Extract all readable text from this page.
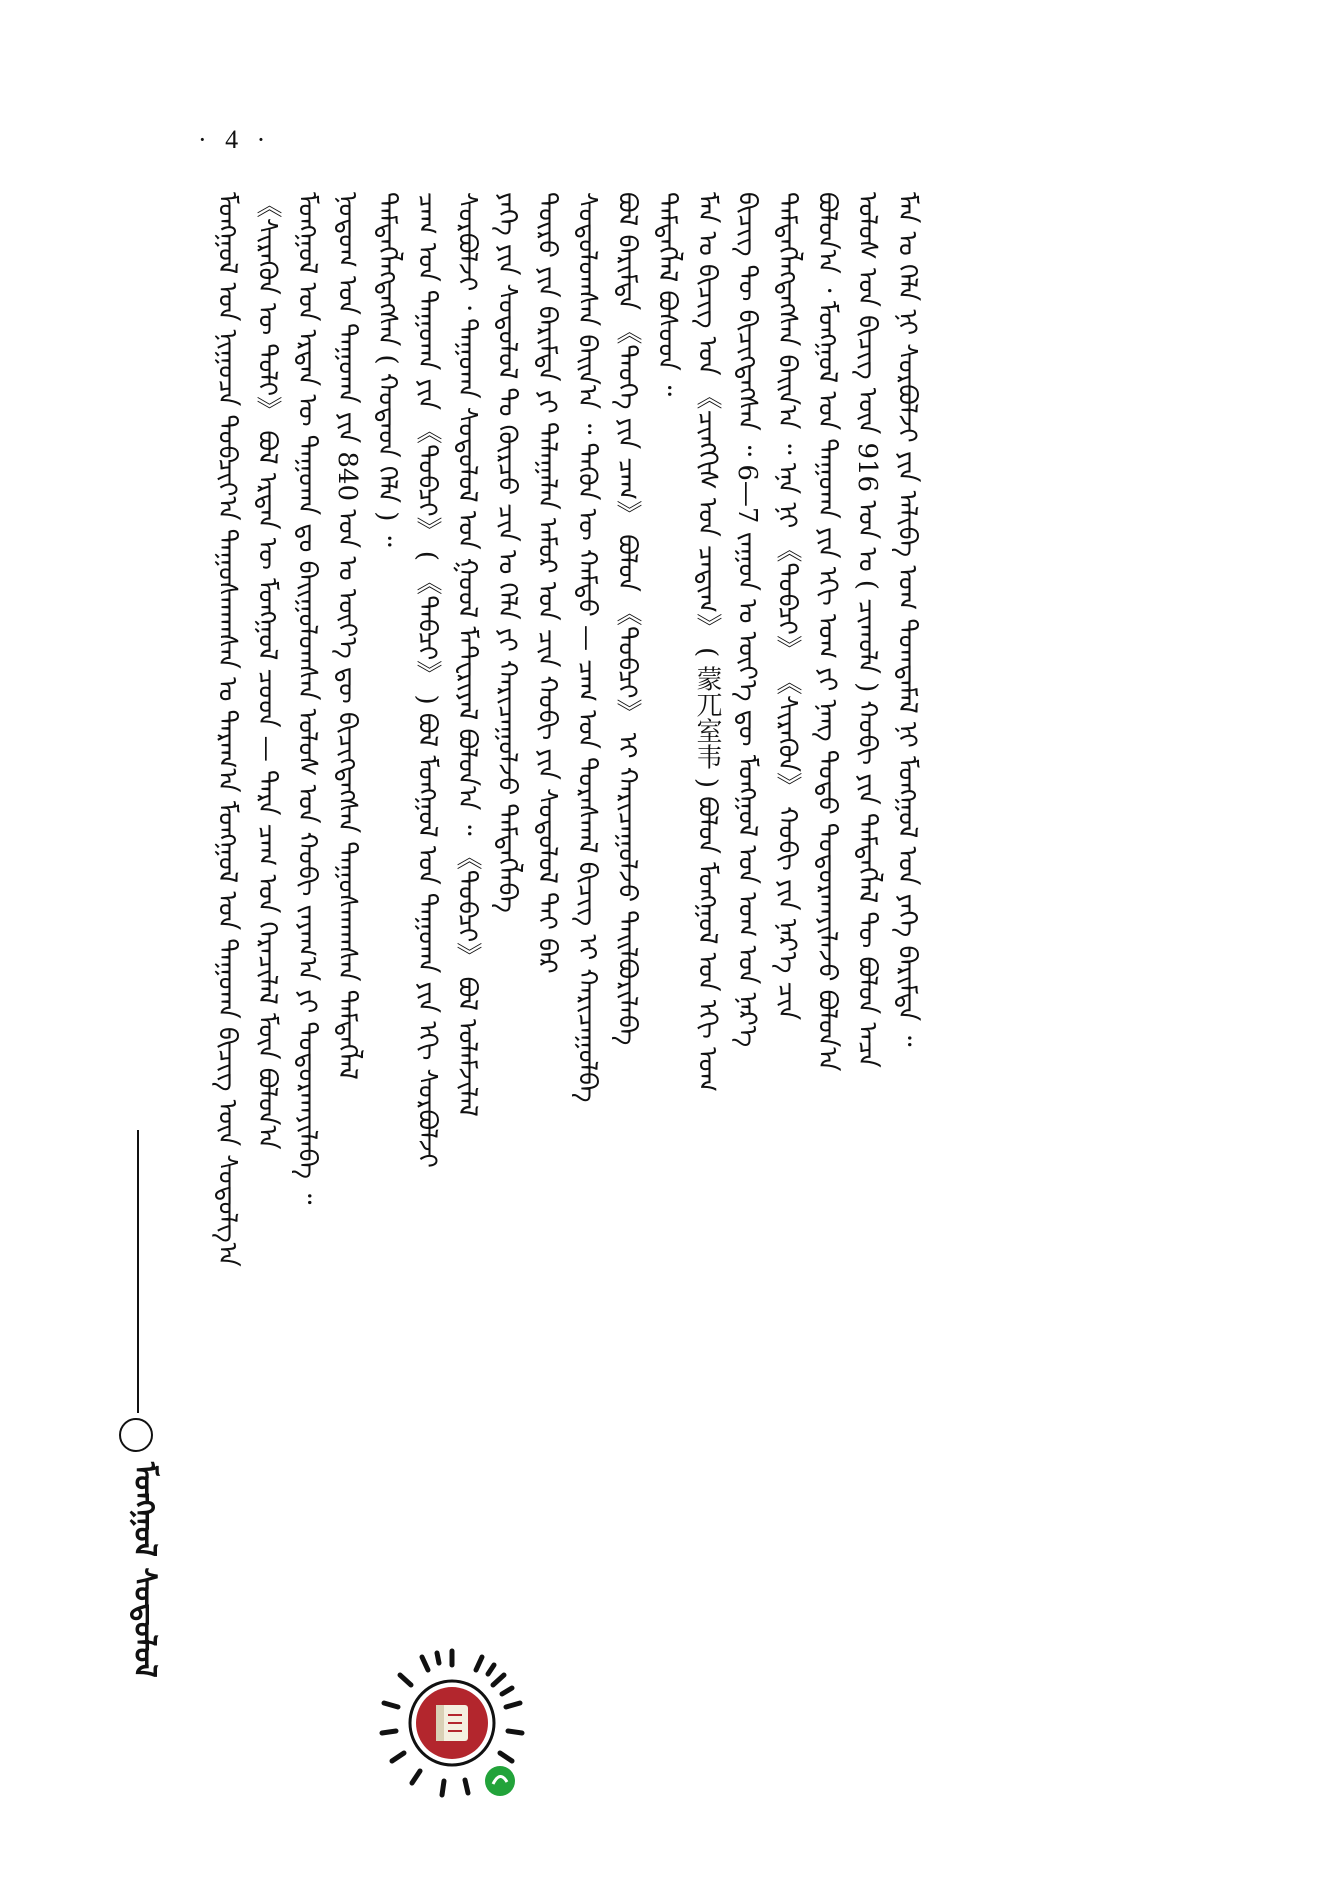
· 4 ·
ᠮᠣᠩᠭᠣᠯ ᠤᠨ ᠨᠢᠭᠤᠴᠠ ᠲᠣᠪᠴᠢᠶ᠎ᠠ ᠳᠠᠭᠤᠰᠬᠠᠭᠰᠠᠨ ᠤ ᠳᠠᠷᠠᠭ᠎ᠠ ᠮᠣᠩᠭᠣᠯ ᠤᠨ ᠲᠠᠭᠤᠬᠠ ᠪᠢᠴᠢᠭ ᠦᠨ ᠰᠤᠳᠤᠯᠭ᠎ᠠ 《ᠰᠢᠷᠡᠭᠦᠨ ᠦ ᠲᠤᠯᠢ》 ᠪᠣᠯ ᠡᠷᠲᠡᠨ ᠦ ᠮᠣᠩᠭᠣᠯ ᠴᠤᠳ — ᠲᠡᠷᠡ ᠴᠠᠭ ᠤᠨ ᠭᠡᠷᠡᠴᠢᠯᠡᠯ ᠮᠥᠨ ᠪᠣᠯᠤᠨ᠎ᠠ ᠮᠣᠩᠭᠣᠯ ᠤᠨ ᠡᠷᠲᠡᠨ ᠦ ᠲᠠᠭᠤᠬᠠ ᠳᠤ ᠪᠠᠢᠭᠤᠯᠤᠭᠰᠠᠨ ᠤᠯᠤᠰ ᠤᠨ ᠬᠤᠪᠢ ᠵᠠᠶᠠᠭ᠎ᠠ ᠶᠢ ᠲᠣᠳᠣᠷᠬᠠᠶᠢᠯᠠᠪᠠ ᠃ ᠨᠤᠲᠤᠭ ᠤᠨ ᠲᠠᠭᠤᠬᠠ ᠶᠢᠨ 840 ᠣᠨ ᠤ ᠦᠶ᠎ᠡ ᠳᠦ ᠪᠢᠴᠢᠭᠳᠡᠭᠰᠡᠨ ᠳᠠᠭᠤᠰᠬᠠᠭᠰᠠᠨ ᠲᠡᠮᠳᠡᠭᠯᠡᠯ ᠲᠡᠮᠳᠡᠭᠯᠡᠭᠳᠡᠭᠰᠡᠨ ( ᠬᠤᠳᠠᠳ ᠬᠡᠯᠡ ) ᠃ ᠴᠠᠭ ᠤᠨ ᠲᠠᠭᠤᠬᠠ ᠶᠢᠨ 《ᠲᠣᠪᠴᠢ》 ( 《ᠲᠠᠪᠴᠢ》 ) ᠪᠣᠯ ᠮᠣᠩᠭᠣᠯ ᠤᠨ ᠲᠠᠭᠤᠬᠠ ᠶᠢᠨ ᠡᠬᠢ ᠰᠤᠷᠪᠤᠯᠵᠢ ᠰᠤᠷᠪᠤᠯᠵᠢ ᠂ ᠲᠠᠭᠤᠬᠠ ᠰᠤᠳᠤᠯᠤᠯ ᠤᠨ ᠭᠣᠣᠯ ᠮᠠᠲ᠋ᠧᠷᠢᠶᠠᠯ ᠪᠣᠯᠤᠨ᠎ᠠ ᠃ 《ᠲᠣᠪᠴᠢ》 ᠪᠣᠯ ᠤᠯᠠᠮᠵᠢᠯᠠᠯ ᠶᠡᠬᠡ ᠶᠢᠨ ᠰᠤᠳᠤᠯᠤᠯ ᠲᠤ ᠬᠦᠷᠴᠦ ᠴᠢᠨ ᠤ ᠬᠡᠯᠡ ᠶᠢ ᠬᠠᠷᠢᠴᠠᠭᠤᠯᠵᠤ ᠲᠡᠮᠳᠡᠭᠯᠡᠪᠡ ᠲᠦᠷᠦ ᠶᠢᠨ ᠪᠠᠷᠢᠮᠲᠠ ᠶᠢ ᠲᠠᠯᠠᠭᠠᠯᠠᠨ ᠠᠮᠤᠷ ᠤᠨ ᠴᠢᠨ ᠬᠤᠪᠢ ᠶᠢᠨ ᠰᠤᠳᠤᠯᠤᠯ ᠲᠠᠢ ᠪᠡᠷ ᠰᠤᠳᠤᠯᠤᠭᠰᠠᠨ ᠪᠠᠢᠨ᠎ᠠ ᠃ ᠲᠡᠭᠦᠨ ᠦ ᠬᠠᠮᠲᠤ — ᠴᠠᠭ ᠤᠨ ᠳᠤᠷᠠᠰᠬᠠᠯ ᠪᠢᠴᠢᠭ ᠢ ᠬᠠᠷᠢᠴᠠᠭᠤᠯᠪᠠ ᠪᠣᠯ ᠪᠠᠷᠢᠮᠲᠠ 《ᠲᠡᠦᠬᠡ ᠶᠢᠨ ᠴᠠᠭ》 ᠪᠣᠯᠤᠨ 《ᠲᠣᠪᠴᠢ》 ᠢ ᠬᠠᠷᠢᠴᠠᠭᠤᠯᠵᠤ ᠲᠠᠢᠯᠪᠤᠷᠢᠯᠠᠪᠠ ᠲᠡᠮᠳᠡᠭᠯᠡᠯ ᠪᠤᠰᠤᠳ ᠃ ᠮᠠᠨ ᠤ ᠪᠢᠴᠢᠭ ᠤᠨ 《ᠴᠢᠩᠭᠢᠰ ᠤᠨ ᠴᠠᠳᠢᠭ》 ( 蒙兀室韦 ) ᠪᠣᠯᠤᠨ ᠮᠣᠩᠭᠣᠯ ᠤᠨ ᠡᠬᠢ ᠤᠭ ᠪᠢᠴᠢᠭ ᠲᠦ ᠪᠢᠴᠢᠭᠳᠡᠭᠰᠡᠨ ᠃ 6—7 ᠵᠠᠭᠤᠨ ᠤ ᠦᠶ᠎ᠡ ᠳᠦ ᠮᠣᠩᠭᠣᠯ ᠤᠨ ᠤᠭ ᠤᠨ ᠨᠡᠷ᠎ᠡ ᠲᠡᠮᠳᠡᠭᠯᠡᠭᠳᠡᠭᠰᠡᠨ ᠪᠠᠢᠨ᠎ᠠ ᠃ ᠡᠨᠡ ᠨᠢ 《ᠲᠣᠪᠴᠢ》 《ᠰᠢᠷᠡᠭᠦᠨ》 ᠬᠤᠪᠢ ᠶᠢᠨ ᠨᠡᠷ᠎ᠡ ᠴᠢᠨ ᠪᠣᠯᠤᠨ᠎ᠠ ᠂ ᠮᠣᠩᠭᠣᠯ ᠤᠨ ᠲᠠᠭᠤᠬᠠ ᠶᠢᠨ ᠡᠬᠢ ᠤᠭ ᠶᠢ ᠨᠡᠩ ᠲᠣᠳᠣ ᠲᠣᠳᠣᠷᠬᠠᠶᠢᠯᠠᠵᠤ ᠪᠣᠯᠤᠨ᠎ᠠ ᠤᠯᠤᠰ ᠤᠨ ᠪᠢᠴᠢᠭ ᠦᠨ 916 ᠣᠨ ᠤ ( ᠴᠢᠬᠤᠯᠠ ) ᠬᠤᠪᠢ ᠶᠢᠨ ᠲᠡᠮᠳᠡᠭᠯᠡᠯ ᠲᠦ ᠪᠣᠯᠤᠨ ᠠᠴᠠ ᠮᠠᠨ ᠤ ᠬᠡᠯᠡ ᠨᠢ ᠰᠤᠷᠪᠤᠯᠵᠢ ᠶᠢᠨ ᠠᠯᠢᠪᠠ ᠤᠭ ᠲᠣᠭᠲᠠᠮᠠᠯ ᠨᠢ ᠮᠣᠩᠭᠣᠯ ᠤᠨ ᠶᠡᠬᠡ ᠪᠠᠷᠢᠮᠲᠠ ᠃
ᠮᠣᠩᠭᠣᠯ ᠰᠤᠳᠤᠯᠤᠯ
